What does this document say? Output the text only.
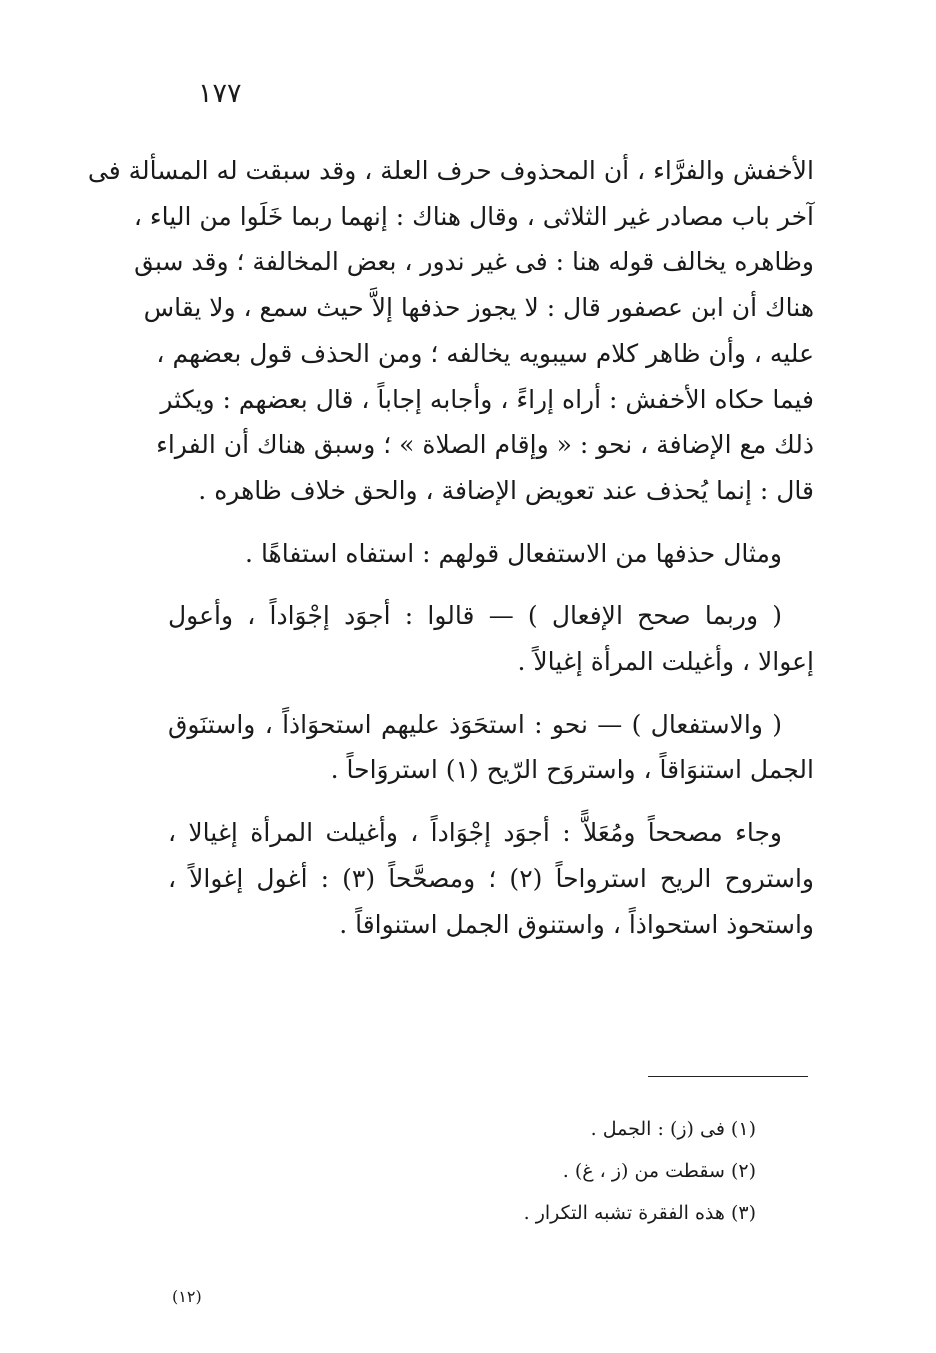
١٧٧
الأخفش والفرَّاء ، أن المحذوف حرف العلة ، وقد سبقت له المسألة فى
آخر باب مصادر غير الثلاثى ، وقال هناك : إنهما ربما خَلَوا من الياء ،
وظاهره يخالف قوله هنا : فى غير ندور ، بعض المخالفة ؛ وقد سبق
هناك أن ابن عصفور قال : لا يجوز حذفها إلاَّ حيث سمع ، ولا يقاس
عليه ، وأن ظاهر كلام سيبويه يخالفه ؛ ومن الحذف قول بعضهم ،
فيما حكاه الأخفش : أراه إراءً ، وأجابه إجاباً ، قال بعضهم : ويكثر
ذلك مع الإضافة ، نحو : « وإقام الصلاة » ؛ وسبق هناك أن الفراء
قال : إنما يُحذف عند تعويض الإضافة ، والحق خلاف ظاهره .
ومثال حذفها من الاستفعال قولهم : استفاه استفاهًا .
( وربما صحح الإفعال ) — قالوا : أجوَد إجْوَاداً ، وأعول
إعوالا ، وأغيلت المرأة إغيالاً .
( والاستفعال ) — نحو : استحَوَذ عليهم استحوَاذاً ، واستنَوق
الجمل استنوَاقاً ، واستروَح الرّيح (١) استروَاحاً .
وجاء مصححاً ومُعَلاًّ : أجوَد إجْوَاداً ، وأغيلت المرأة إغيالا ،
واستروح الريح استرواحاً (٢) ؛ ومصحَّحاً (٣) : أغول إغوالاً ،
واستحوذ استحواذاً ، واستنوق الجمل استنواقاً .
(١) فى (ز) : الجمل .
(٢) سقطت من (ز ، غ) .
(٣) هذه الفقرة تشبه التكرار .
(١٢)
